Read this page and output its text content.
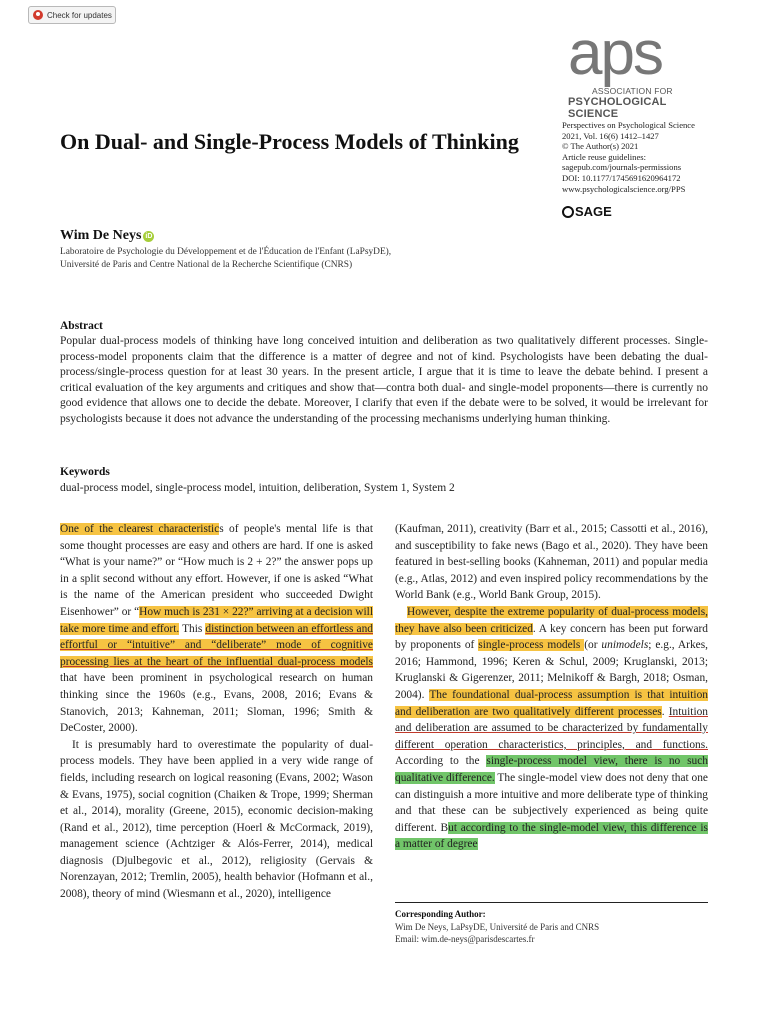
Check for updates
aps
ASSOCIATION FOR
PSYCHOLOGICAL SCIENCE
Perspectives on Psychological Science
2021, Vol. 16(6) 1412–1427
© The Author(s) 2021
Article reuse guidelines:
sagepub.com/journals-permissions
DOI: 10.1177/1745691620964172
www.psychologicalscience.org/PPS
SAGE
On Dual- and Single-Process Models of Thinking
Wim De Neys iD
Laboratoire de Psychologie du Développement et de l'Éducation de l'Enfant (LaPsyDE),
Université de Paris and Centre National de la Recherche Scientifique (CNRS)
Abstract
Popular dual-process models of thinking have long conceived intuition and deliberation as two qualitatively different processes. Single-process-model proponents claim that the difference is a matter of degree and not of kind. Psychologists have been debating the dual-process/single-process question for at least 30 years. In the present article, I argue that it is time to leave the debate behind. I present a critical evaluation of the key arguments and critiques and show that—contra both dual- and single-model proponents—there is currently no good evidence that allows one to decide the debate. Moreover, I clarify that even if the debate were to be solved, it would be irrelevant for psychologists because it does not advance the understanding of the processing mechanisms underlying human thinking.
Keywords
dual-process model, single-process model, intuition, deliberation, System 1, System 2

One of the clearest characteristics of people's mental life is that some thought processes are easy and others are hard. If one is asked “What is your name?” or “How much is 2 + 2?” the answer pops up in a split second without any effort. However, if one is asked “What is the name of the American president who succeeded Dwight Eisenhower” or “How much is 231 × 22?” arriving at a decision will take more time and effort. This distinction between an effortless and effortful or “intuitive” and “deliberate” mode of cognitive processing lies at the heart of the influential dual-process models that have been prominent in psychological research on human thinking since the 1960s (e.g., Evans, 2008, 2016; Evans & Stanovich, 2013; Kahneman, 2011; Sloman, 1996; Smith & DeCoster, 2000).

It is presumably hard to overestimate the popularity of dual-process models. They have been applied in a very wide range of fields, including research on logical reasoning (Evans, 2002; Wason & Evans, 1975), social cognition (Chaiken & Trope, 1999; Sherman et al., 2014), morality (Greene, 2015), economic decision-making (Rand et al., 2012), time perception (Hoerl & McCormack, 2019), management science (Achtziger & Alós-Ferrer, 2014), medical diagnosis (Djulbegovic et al., 2012), religiosity (Gervais & Norenzayan, 2012; Tremlin, 2005), health behavior (Hofmann et al., 2008), theory of mind (Wiesmann et al., 2020), intelligence

(Kaufman, 2011), creativity (Barr et al., 2015; Cassotti et al., 2016), and susceptibility to fake news (Bago et al., 2020). They have been featured in best-selling books (Kahneman, 2011) and popular media (e.g., Atlas, 2012) and even inspired policy recommendations by the World Bank (e.g., World Bank Group, 2015).

However, despite the extreme popularity of dual-process models, they have also been criticized. A key concern has been put forward by proponents of single-process models (or unimodels; e.g., Arkes, 2016; Hammond, 1996; Keren & Schul, 2009; Kruglanski, 2013; Kruglanski & Gigerenzer, 2011; Melnikoff & Bargh, 2018; Osman, 2004). The foundational dual-process assumption is that intuition and deliberation are two qualitatively different processes. Intuition and deliberation are assumed to be characterized by fundamentally different operation characteristics, principles, and functions. According to the single-process model view, there is no such qualitative difference. The single-model view does not deny that one can distinguish a more intuitive and more deliberate type of thinking and that these can be subjectively experienced as being quite different. But according to the single-model view, this difference is a matter of degree

Corresponding Author:
Wim De Neys, LaPsyDE, Université de Paris and CNRS
Email: wim.de-neys@parisdescartes.fr
